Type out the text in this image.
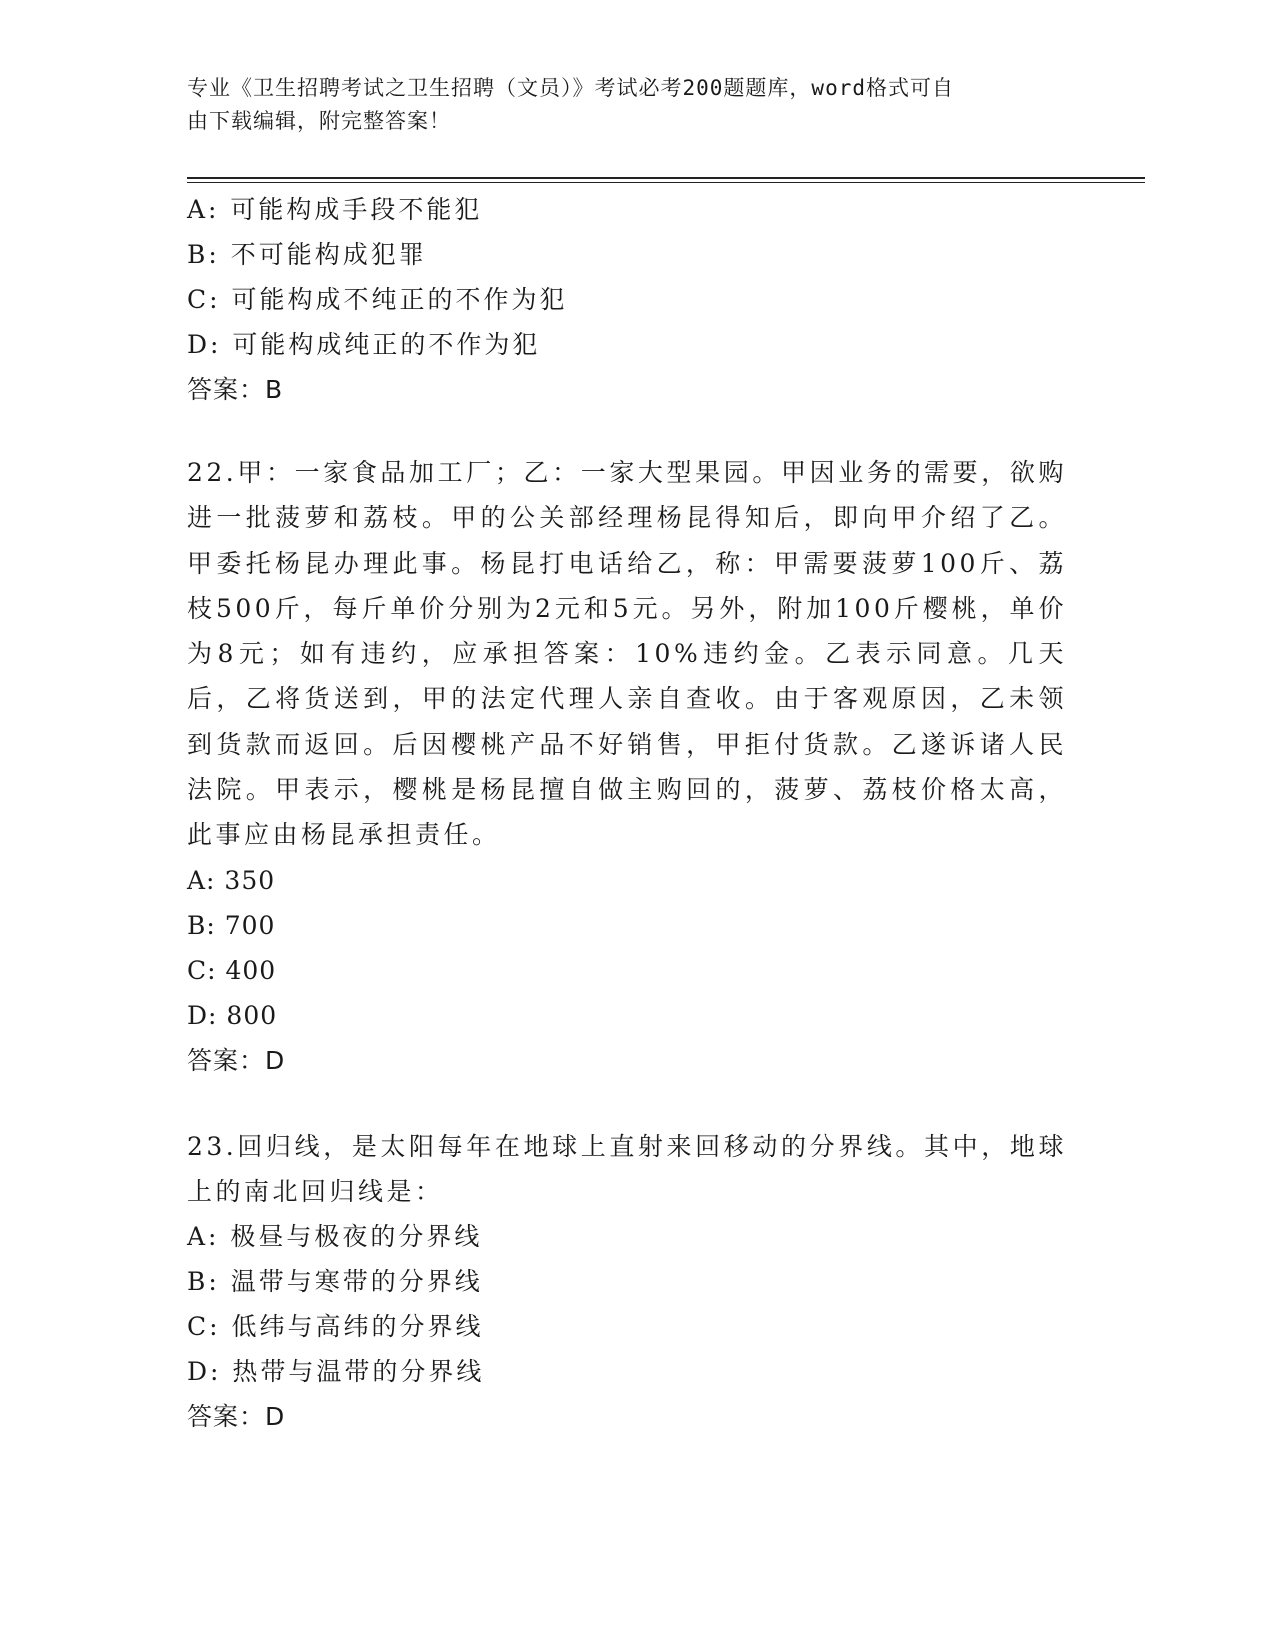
专业《卫生招聘考试之卫生招聘（文员）》考试必考200题题库，word格式可自
由下载编辑，附完整答案！
A: 可能构成手段不能犯
B: 不可能构成犯罪
C: 可能构成不纯正的不作为犯
D: 可能构成纯正的不作为犯
答案：B
22.甲：一家食品加工厂；乙：一家大型果园。甲因业务的需要，欲购进一批菠萝和荔枝。甲的公关部经理杨昆得知后，即向甲介绍了乙。甲委托杨昆办理此事。杨昆打电话给乙，称：甲需要菠萝100斤、荔枝500斤，每斤单价分别为2元和5元。另外，附加100斤樱桃，单价为8元；如有违约，应承担答案：10%违约金。乙表示同意。几天后，乙将货送到，甲的法定代理人亲自查收。由于客观原因，乙未领到货款而返回。后因樱桃产品不好销售，甲拒付货款。乙遂诉诸人民法院。甲表示，樱桃是杨昆擅自做主购回的，菠萝、荔枝价格太高，此事应由杨昆承担责任。
A: 350
B: 700
C: 400
D: 800
答案：D
23.回归线，是太阳每年在地球上直射来回移动的分界线。其中，地球上的南北回归线是：
A: 极昼与极夜的分界线
B: 温带与寒带的分界线
C: 低纬与高纬的分界线
D: 热带与温带的分界线
答案：D
